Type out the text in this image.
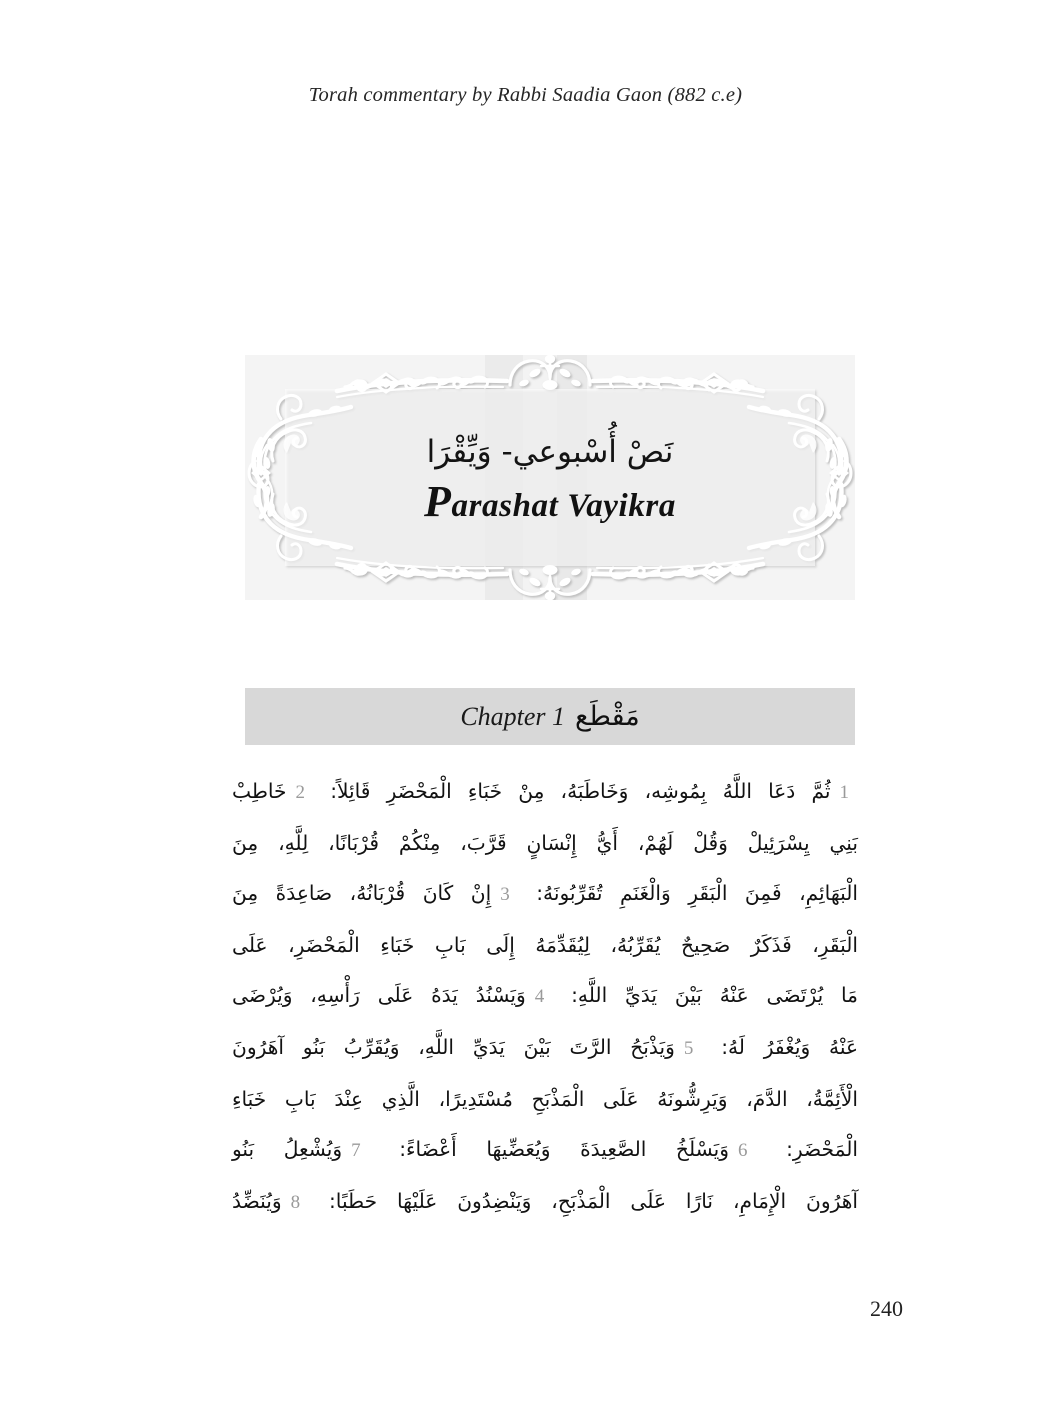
Torah commentary by Rabbi Saadia Gaon (882 c.e)
نَصْ أُسْبوعي- وَيِّقْرَا
Parashat Vayikra
مَقْطَع
Chapter 1
1ثُمَّ دَعَا اللَّهُ بِمُوشِه، وَخَاطَبَهُ، مِنْ خَبَاءِ الْمَحْضَرِ قَائِلاً: 2خَاطِبْ
بَنِي يِسْرَئِيلْ وَقُلْ لَهُمْ، أَيُّ إِنْسَانٍ قَرَّبَ، مِنْكُمْ قُرْبَانًا، لِلَّهِ، مِنَ
الْبَهَائِمِ، فَمِنَ الْبَقَرِ وَالْغَنَمِ تُقَرِّبُونَهُ: 3إِنْ كَانَ قُرْبَانُهُ، صَاعِدَةً مِنَ
الْبَقَرِ، فَذَكَرٌ صَحِيحٌ يُقَرِّبُهُ، لِيُقَدِّمَهُ إِلَى بَابِ خَبَاءِ الْمَحْضَرِ، عَلَى
مَا يُرْتَضَى عَنْهُ بَيْنَ يَدَيِّ اللَّهِ: 4وَيَسْنُدُ يَدَهُ عَلَى رَأْسِهِ، وَيُرْضَى
عَنْهُ وَيُغْفَرُ لَهُ: 5وَيَذْبَحُ الرَّتَ بَيْنَ يَدَيِّ اللَّهِ، وَيُقَرِّبُ بَنُو آهَرُونَ
الْأَئِمَّةُ، الدَّمَ، وَيَرِشُّونَهُ عَلَى الْمَذْبَحِ مُسْتَدِيرًا، الَّذِي عِنْدَ بَابِ خَبَاءِ
الْمَحْضَرِ: 6وَيَسْلَخُ الصَّعِيدَةَ وَيُعَضِّيهَا أَعْضَاءً: 7وَيُشْعِلُ بَنُو
آهَرُونَ الْإِمَامِ، نَارًا عَلَى الْمَذْبَحِ، وَيَنْضِدُونَ عَلَيْهَا حَطَبًا: 8وَيُنَضِّدُ
240
